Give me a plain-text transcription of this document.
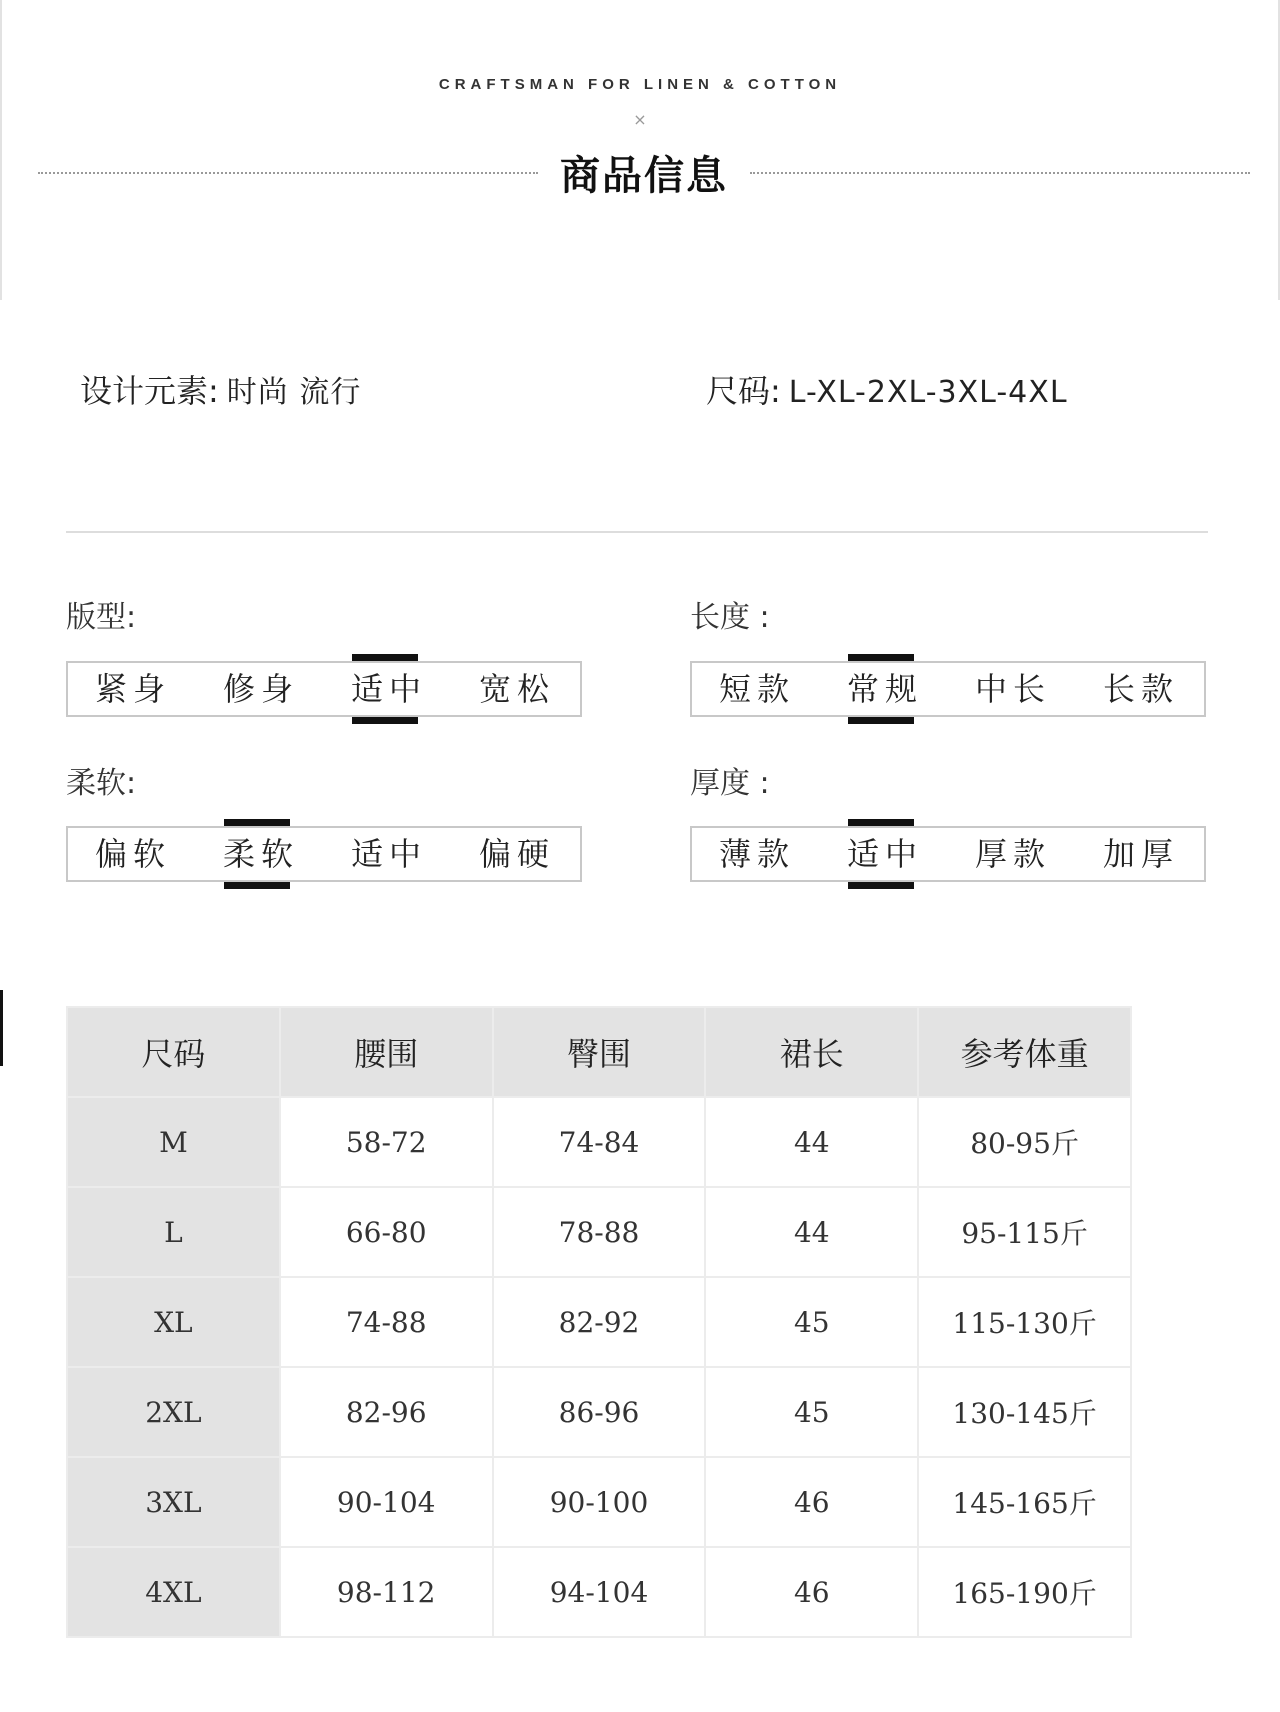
CRAFTSMAN FOR LINEN & COTTON
×
商品信息
设计元素: 时尚 流行	尺码: L-XL-2XL-3XL-4XL
版型:
紧身	修身	适中	宽松
长度 :
短款	常规	中长	长款
柔软:
偏软	柔软	适中	偏硬
厚度 :
薄款	适中	厚款	加厚
尺码	腰围	臀围	裙长	参考体重
M	58-72	74-84	44	80-95斤
L	66-80	78-88	44	95-115斤
XL	74-88	82-92	45	115-130斤
2XL	82-96	86-96	45	130-145斤
3XL	90-104	90-100	46	145-165斤
4XL	98-112	94-104	46	165-190斤
